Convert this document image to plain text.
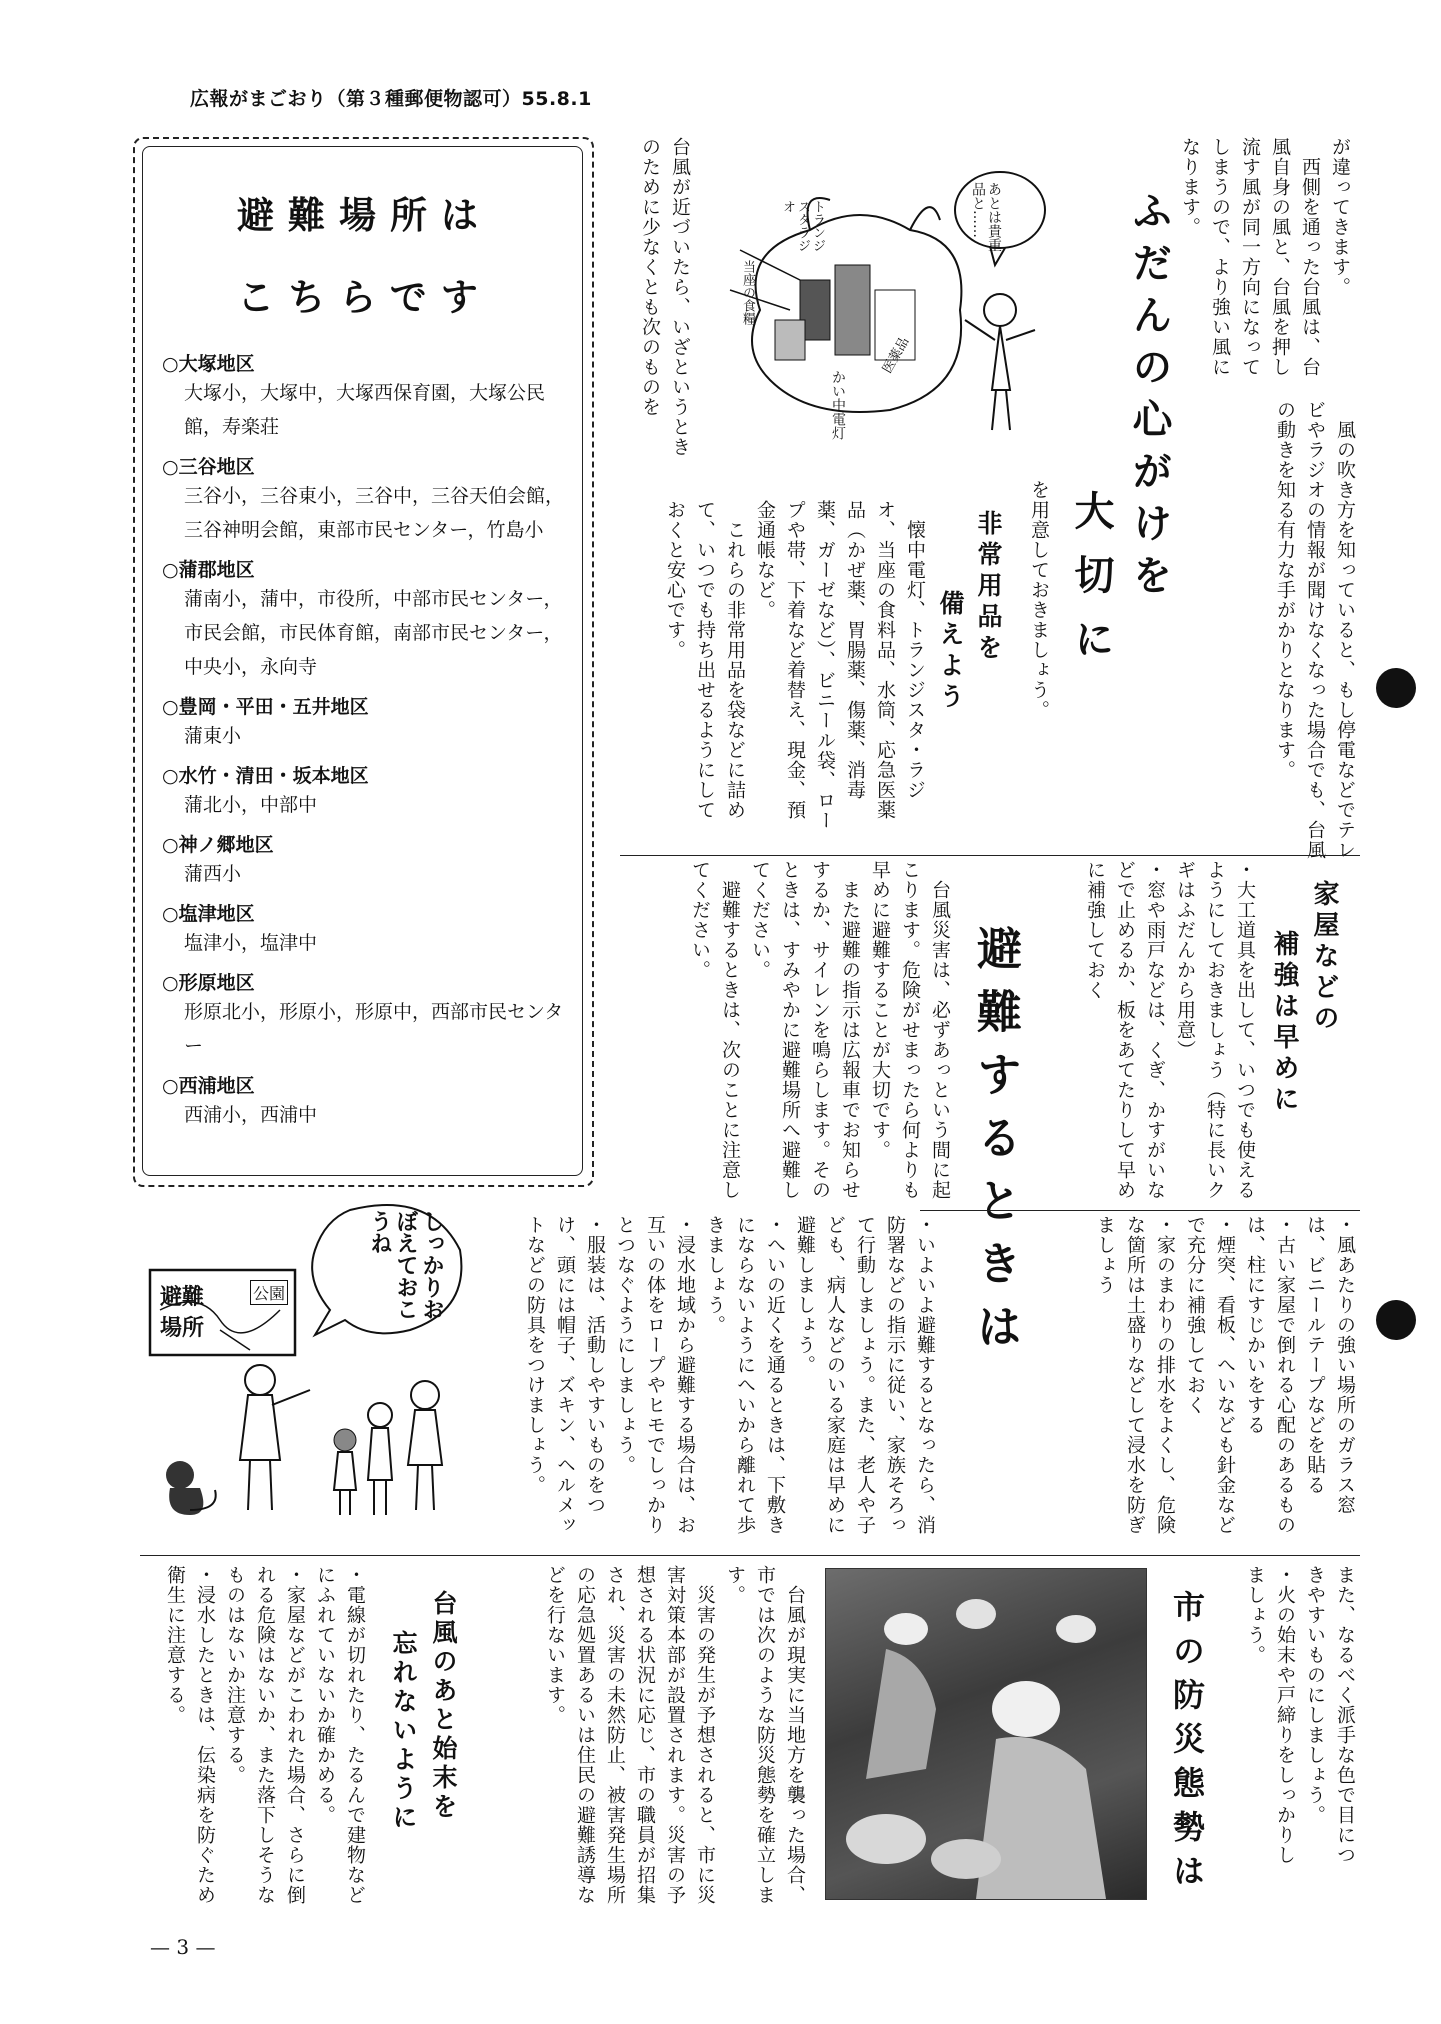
広報がまごおり（第３種郵便物認可）55.8.1
避難場所は
こちらです
○大塚地区
大塚小，大塚中，大塚西保育園，大塚公民館，寿楽荘
○三谷地区
三谷小，三谷東小，三谷中，三谷天伯会館，三谷神明会館，東部市民センター，竹島小
○蒲郡地区
蒲南小，蒲中，市役所，中部市民センター，市民会館，市民体育館，南部市民センター，中央小，永向寺
○豊岡・平田・五井地区
蒲東小
○水竹・清田・坂本地区
蒲北小，中部中
○神ノ郷地区
蒲西小
○塩津地区
塩津小，塩津中
○形原地区
形原北小，形原小，形原中，西部市民センター
○西浦地区
西浦小，西浦中
が違ってきます。
　西側を通った台風は、台風自身の風と、台風を押し流す風が同一方向になってしまうので、より強い風になります。
ふだんの心がけを
大切に	　風の吹き方を知っていると、もし停電などでテレビやラジオの情報が聞けなくなった場合でも、台風の動きを知る有力な手がかりとなります。
を用意しておきましょう。
非常用品を
備えよう
　懐中電灯、トランジスタ・ラジオ、当座の食料品、水筒、応急医薬品（かぜ薬、胃腸薬、傷薬、消毒薬、ガーゼなど）、ビニール袋、ロープや帯、下着など着替え、現金、預金通帳など。
　これらの非常用品を袋などに詰めて、いつでも持ち出せるようにしておくと安心です。
台風が近づいたら、いざというときのために少なくとも次のものを	あとは貴重品と……
トランジスタラジオ
当座の食糧
医薬品
かい中電灯
家屋などの
補強は早めに
・大工道具を出して、いつでも使えるようにしておきましょう（特に長いクギはふだんから用意）
・窓や雨戸などは、くぎ、かすがいなどで止めるか、板をあてたりして早めに補強しておく
避難するときは
　台風災害は、必ずあっという間に起こります。危険がせまったら何よりも早めに避難することが大切です。
　また避難の指示は広報車でお知らせするか、サイレンを鳴らします。そのときは、すみやかに避難場所へ避難してください。
　避難するときは、次のことに注意してください。
・風あたりの強い場所のガラス窓は、ビニールテープなどを貼る
・古い家屋で倒れる心配のあるものは、柱にすじかいをする
・煙突、看板、へいなども針金などで充分に補強しておく
・家のまわりの排水をよくし、危険な箇所は土盛りなどして浸水を防ぎましょう
・いよいよ避難するとなったら、消防署などの指示に従い、家族そろって行動しましょう。また、老人や子ども、病人などのいる家庭は早めに避難しましょう。
・へいの近くを通るときは、下敷きにならないようにへいから離れて歩きましょう。
・浸水地域から避難する場合は、お互いの体をロープやヒモでしっかりとつなぐようにしましょう。
・服装は、活動しやすいものをつけ、頭には帽子、ズキン、ヘルメットなどの防具をつけましょう。
しっかりおぼえておこうね
避難
場所
公園
また、なるべく派手な色で目につきやすいものにしましょう。
・火の始末や戸締りをしっかりしましょう。
市の防災態勢は
　台風が現実に当地方を襲った場合、市では次のような防災態勢を確立します。
　災害の発生が予想されると、市に災害対策本部が設置されます。災害の予想される状況に応じ、市の職員が招集され、災害の未然防止、被害発生場所の応急処置あるいは住民の避難誘導などを行ないます。
台風のあと始末を
忘れないように
・電線が切れたり、たるんで建物などにふれていないか確かめる。
・家屋などがこわれた場合、さらに倒れる危険はないか、また落下しそうなものはないか注意する。
・浸水したときは、伝染病を防ぐため衛生に注意する。
— 3 —
